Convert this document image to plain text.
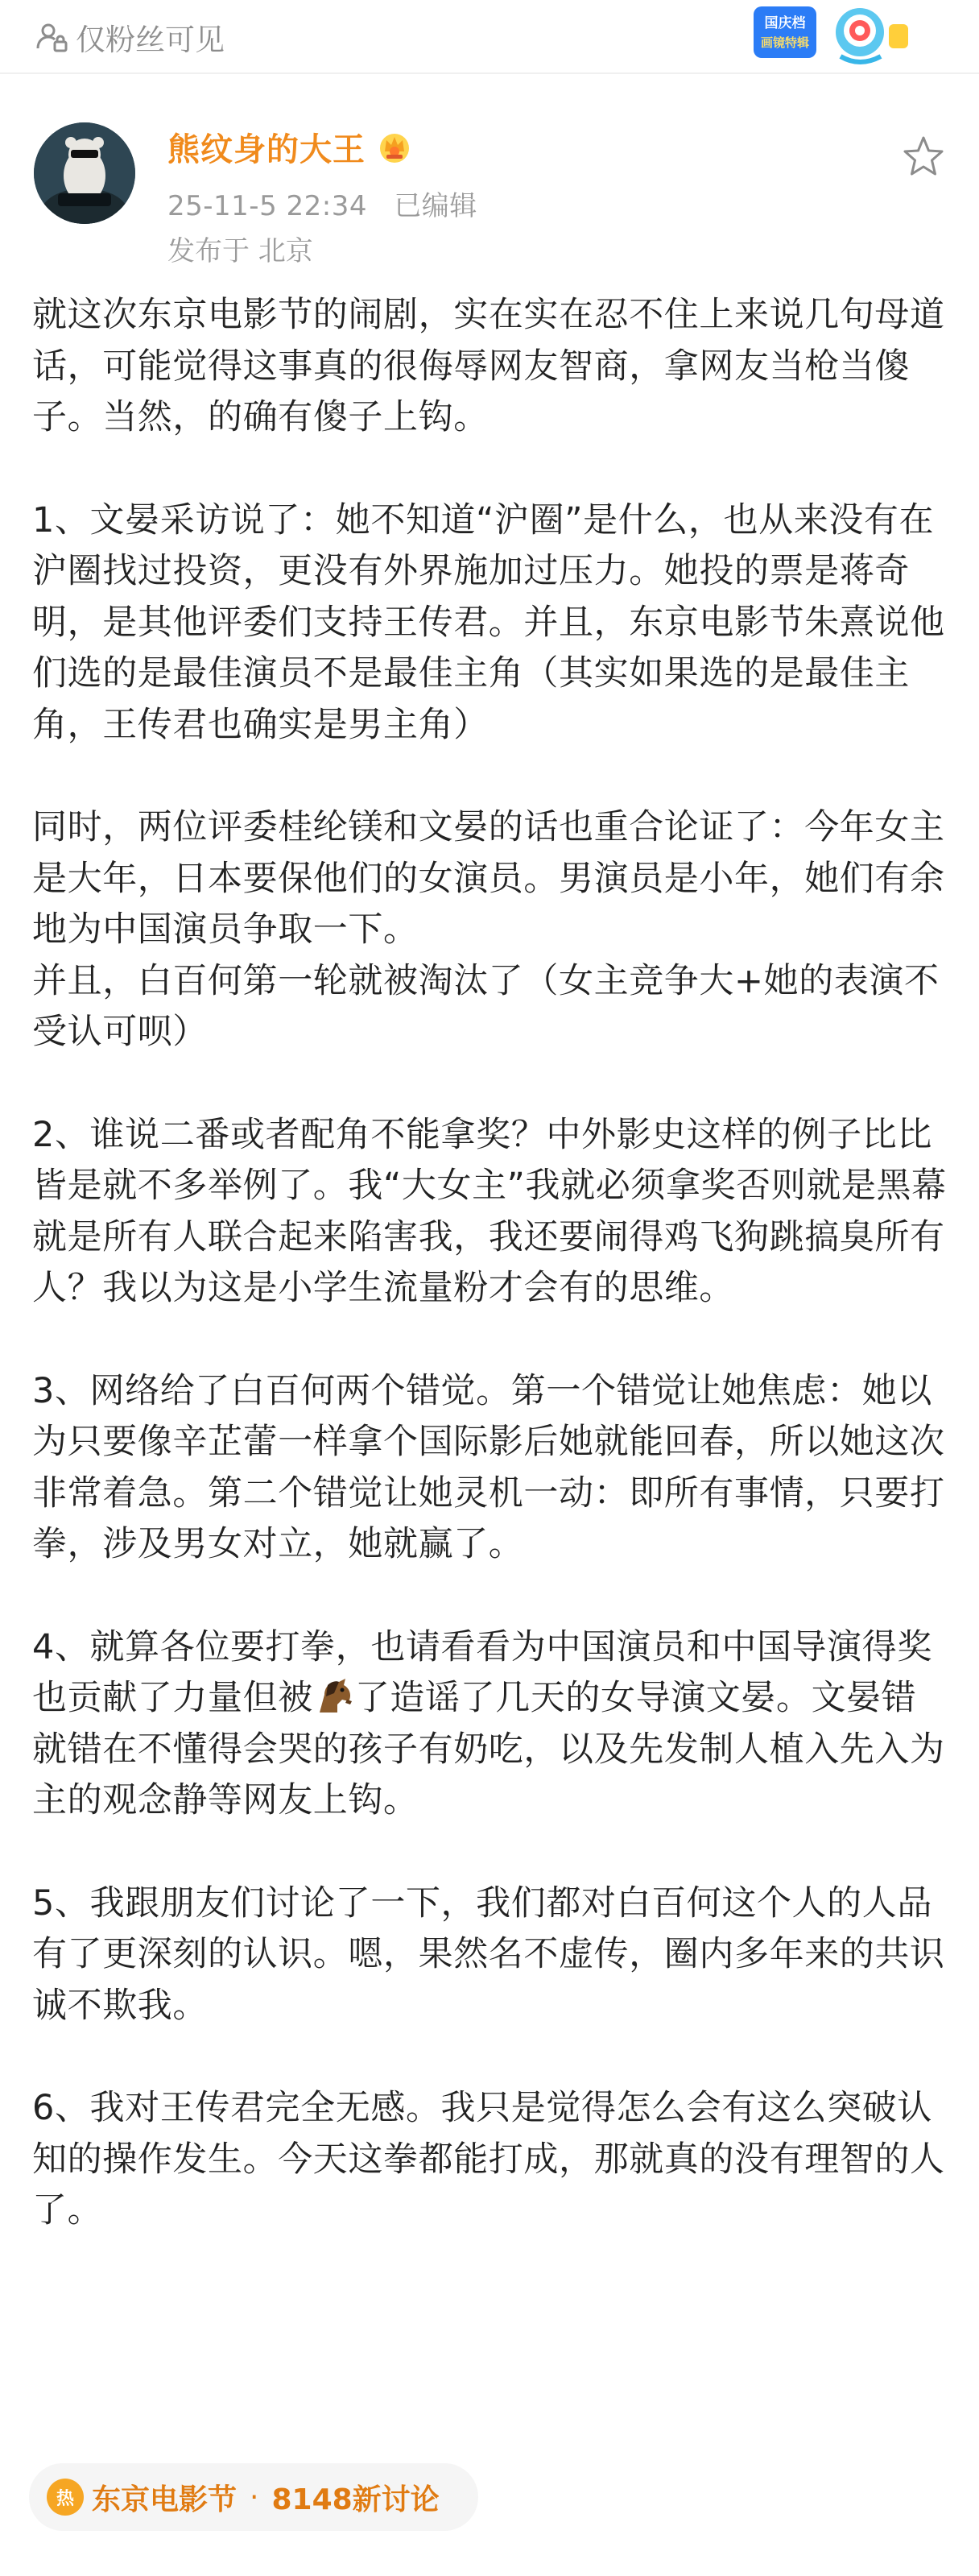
仅粉丝可见	国庆档
画镜特辑
熊纹身的大王
25-11-5 22:34 已编辑
发布于 北京

就这次东京电影节的闹剧，实在实在忍不住上来说几句母道话，可能觉得这事真的很侮辱网友智商，拿网友当枪当傻子。当然，的确有傻子上钩。

1、文晏采访说了：她不知道“沪圈”是什么，也从来没有在沪圈找过投资，更没有外界施加过压力。她投的票是蒋奇明，是其他评委们支持王传君。并且，东京电影节朱熹说他们选的是最佳演员不是最佳主角（其实如果选的是最佳主角，王传君也确实是男主角）

同时，两位评委桂纶镁和文晏的话也重合论证了：今年女主是大年，日本要保他们的女演员。男演员是小年，她们有余地为中国演员争取一下。
并且，白百何第一轮就被淘汰了（女主竞争大+她的表演不受认可呗）

2、谁说二番或者配角不能拿奖？中外影史这样的例子比比皆是就不多举例了。我“大女主”我就必须拿奖否则就是黑幕就是所有人联合起来陷害我，我还要闹得鸡飞狗跳搞臭所有人？我以为这是小学生流量粉才会有的思维。

3、网络给了白百何两个错觉。第一个错觉让她焦虑：她以为只要像辛芷蕾一样拿个国际影后她就能回春，所以她这次非常着急。第二个错觉让她灵机一动：即所有事情，只要打拳，涉及男女对立，她就赢了。

4、就算各位要打拳，也请看看为中国演员和中国导演得奖也贡献了力量但被 了造谣了几天的女导演文晏。文晏错就错在不懂得会哭的孩子有奶吃，以及先发制人植入先入为主的观念静等网友上钩。

5、我跟朋友们讨论了一下，我们都对白百何这个人的人品有了更深刻的认识。嗯，果然名不虚传，圈内多年来的共识诚不欺我。

6、我对王传君完全无感。我只是觉得怎么会有这么突破认知的操作发生。今天这拳都能打成，那就真的没有理智的人了。

热 东京电影节 · 8148新讨论
